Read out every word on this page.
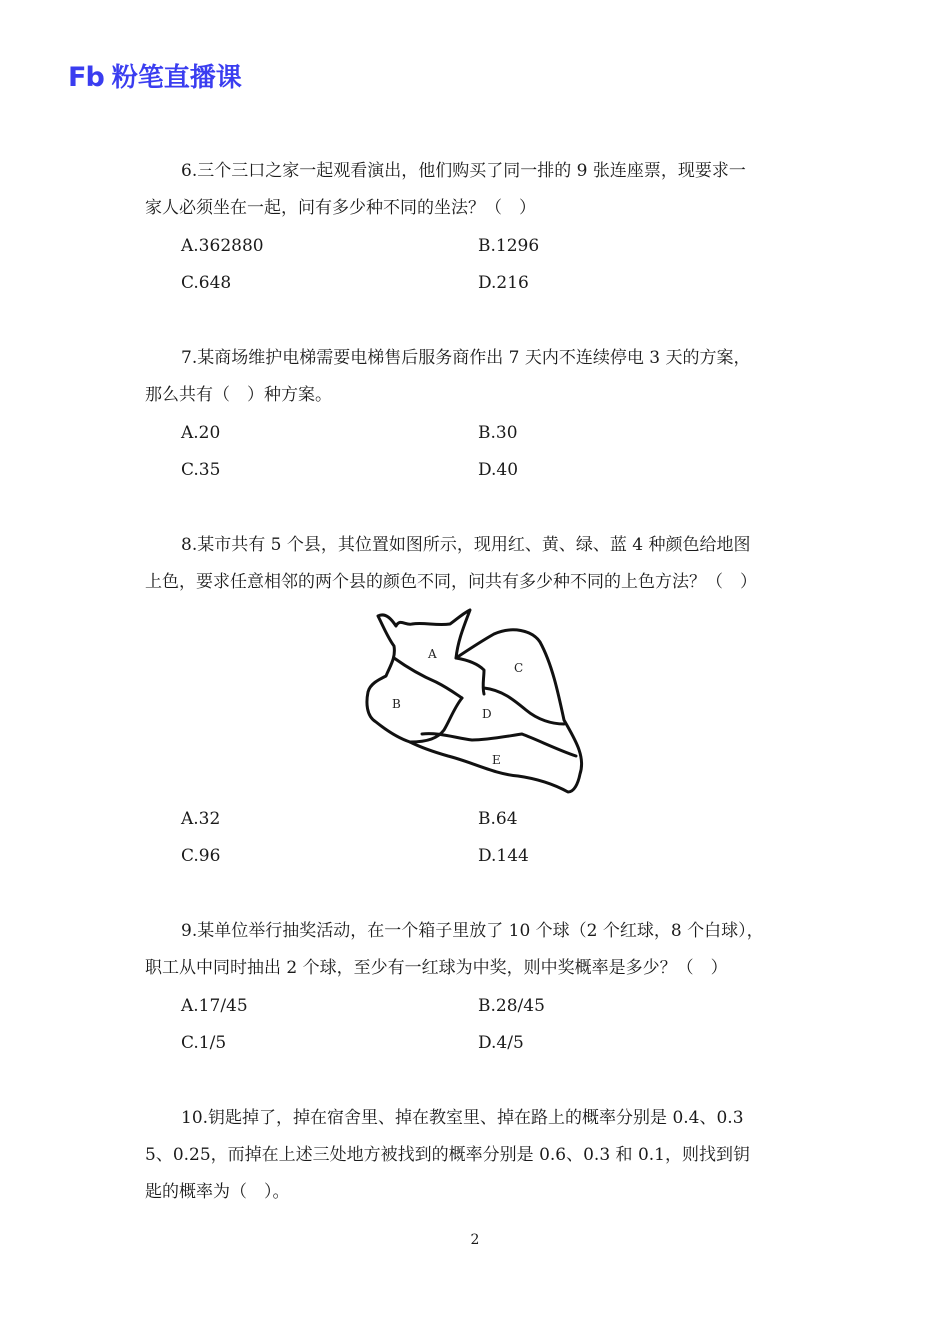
Fb 粉笔直播课
6.三个三口之家一起观看演出，他们购买了同一排的 9 张连座票，现要求一
家人必须坐在一起，问有多少种不同的坐法？（　）
A.362880	B.1296
C.648	D.216
7.某商场维护电梯需要电梯售后服务商作出 7 天内不连续停电 3 天的方案，
那么共有（　）种方案。
A.20	B.30
C.35	D.40
8.某市共有 5 个县，其位置如图所示，现用红、黄、绿、蓝 4 种颜色给地图
上色，要求任意相邻的两个县的颜色不同，问共有多少种不同的上色方法？（　）
A
B
C
D
E
A.32	B.64
C.96	D.144
9.某单位举行抽奖活动，在一个箱子里放了 10 个球（2 个红球，8 个白球），
职工从中同时抽出 2 个球，至少有一红球为中奖，则中奖概率是多少？（　）
A.17/45	B.28/45
C.1/5	D.4/5
10.钥匙掉了，掉在宿舍里、掉在教室里、掉在路上的概率分别是 0.4、0.3
5、0.25，而掉在上述三处地方被找到的概率分别是 0.6、0.3 和 0.1，则找到钥
匙的概率为（　）。
2
